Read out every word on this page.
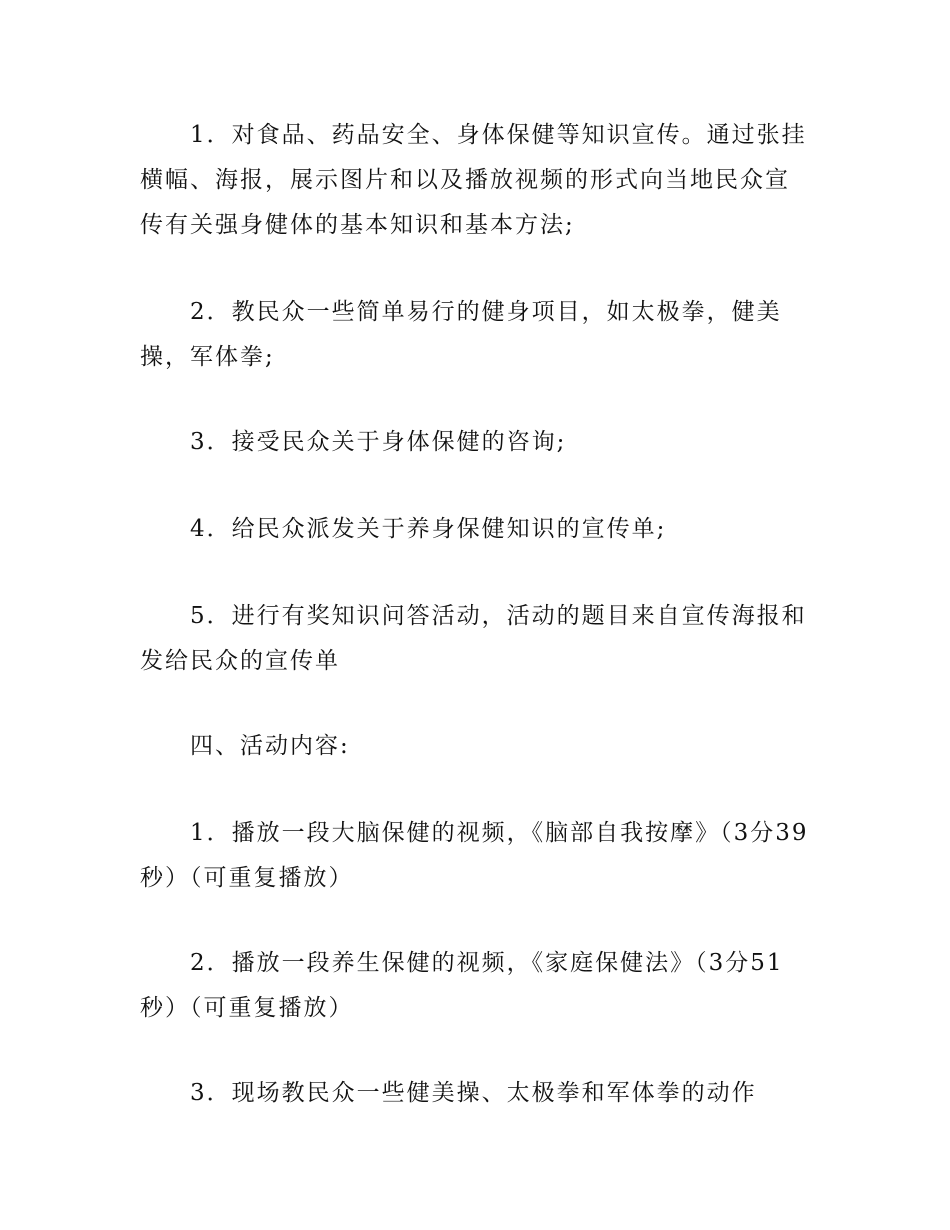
1．对食品、药品安全、身体保健等知识宣传。通过张挂横幅、海报，展示图片和以及播放视频的形式向当地民众宣传有关强身健体的基本知识和基本方法;

2．教民众一些简单易行的健身项目，如太极拳，健美操，军体拳;

3．接受民众关于身体保健的咨询;

4．给民众派发关于养身保健知识的宣传单;

5．进行有奖知识问答活动，活动的题目来自宣传海报和发给民众的宣传单

四、活动内容:

1．播放一段大脑保健的视频，《脑部自我按摩》（3分39秒）（可重复播放）

2．播放一段养生保健的视频，《家庭保健法》（3分51秒）（可重复播放）

3．现场教民众一些健美操、太极拳和军体拳的动作
